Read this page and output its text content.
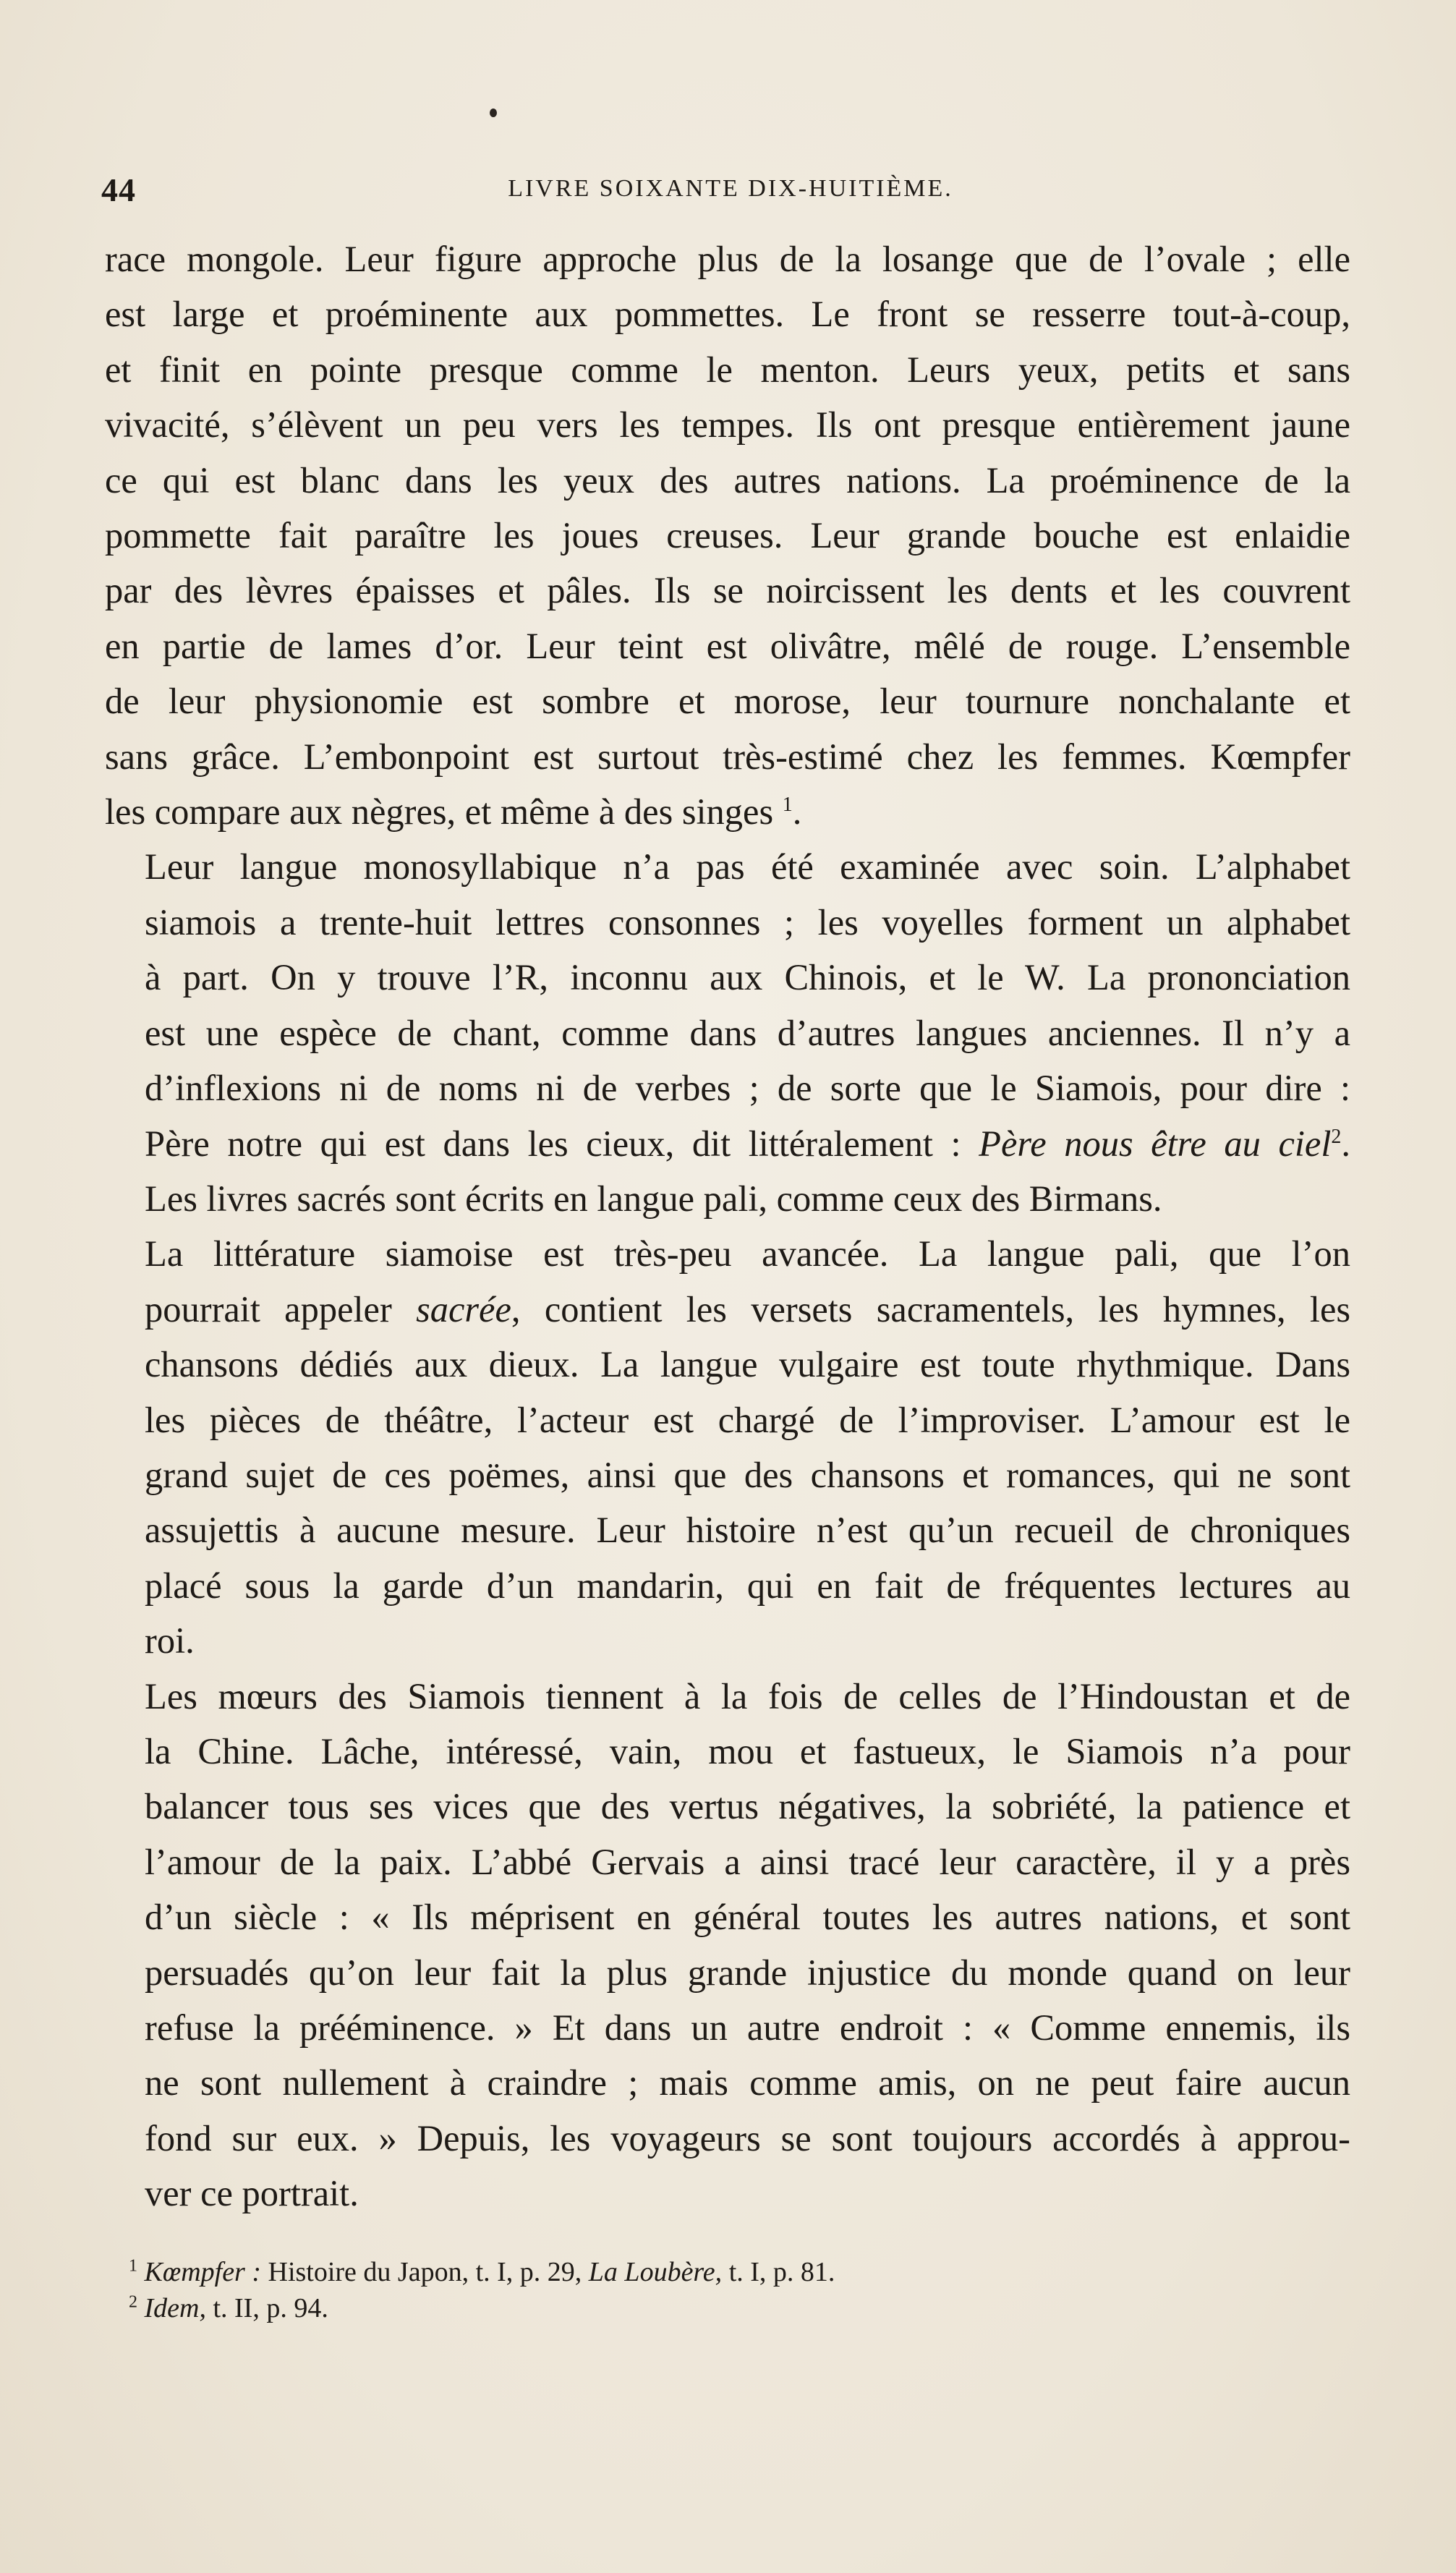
44	LIVRE SOIXANTE DIX-HUITIÈME.

race mongole. Leur figure approche plus de la losange que de l’ovale ; elle
est large et proéminente aux pommettes. Le front se resserre tout-à-coup,
et finit en pointe presque comme le menton. Leurs yeux, petits et sans
vivacité, s’élèvent un peu vers les tempes. Ils ont presque entièrement jaune
ce qui est blanc dans les yeux des autres nations. La proéminence de la
pommette fait paraître les joues creuses. Leur grande bouche est enlaidie
par des lèvres épaisses et pâles. Ils se noircissent les dents et les couvrent
en partie de lames d’or. Leur teint est olivâtre, mêlé de rouge. L’ensemble
de leur physionomie est sombre et morose, leur tournure nonchalante et
sans grâce. L’embonpoint est surtout très-estimé chez les femmes. Kœmpfer
les compare aux nègres, et même à des singes $^1$.

Leur langue monosyllabique n’a pas été examinée avec soin. L’alphabet
siamois a trente-huit lettres consonnes ; les voyelles forment un alphabet
à part. On y trouve l’R, inconnu aux Chinois, et le W. La prononciation
est une espèce de chant, comme dans d’autres langues anciennes. Il n’y a
d’inflexions ni de noms ni de verbes ; de sorte que le Siamois, pour dire :
Père notre qui est dans les cieux, dit littéralement : Père nous être au ciel$^2$.
Les livres sacrés sont écrits en langue pali, comme ceux des Birmans.

La littérature siamoise est très-peu avancée. La langue pali, que l’on
pourrait appeler sacrée, contient les versets sacramentels, les hymnes, les
chansons dédiés aux dieux. La langue vulgaire est toute rhythmique. Dans
les pièces de théâtre, l’acteur est chargé de l’improviser. L’amour est le
grand sujet de ces poëmes, ainsi que des chansons et romances, qui ne sont
assujettis à aucune mesure. Leur histoire n’est qu’un recueil de chroniques
placé sous la garde d’un mandarin, qui en fait de fréquentes lectures au
roi.

Les mœurs des Siamois tiennent à la fois de celles de l’Hindoustan et de
la Chine. Lâche, intéressé, vain, mou et fastueux, le Siamois n’a pour
balancer tous ses vices que des vertus négatives, la sobriété, la patience et
l’amour de la paix. L’abbé Gervais a ainsi tracé leur caractère, il y a près
d’un siècle : « Ils méprisent en général toutes les autres nations, et sont
persuadés qu’on leur fait la plus grande injustice du monde quand on leur
refuse la prééminence. » Et dans un autre endroit : « Comme ennemis, ils
ne sont nullement à craindre ; mais comme amis, on ne peut faire aucun
fond sur eux. » Depuis, les voyageurs se sont toujours accordés à approu-
ver ce portrait.

$^1$ Kœmpfer : Histoire du Japon, t. I, p. 29, La Loubère, t. I, p. 81.
$^2$ Idem, t. II, p. 94.
